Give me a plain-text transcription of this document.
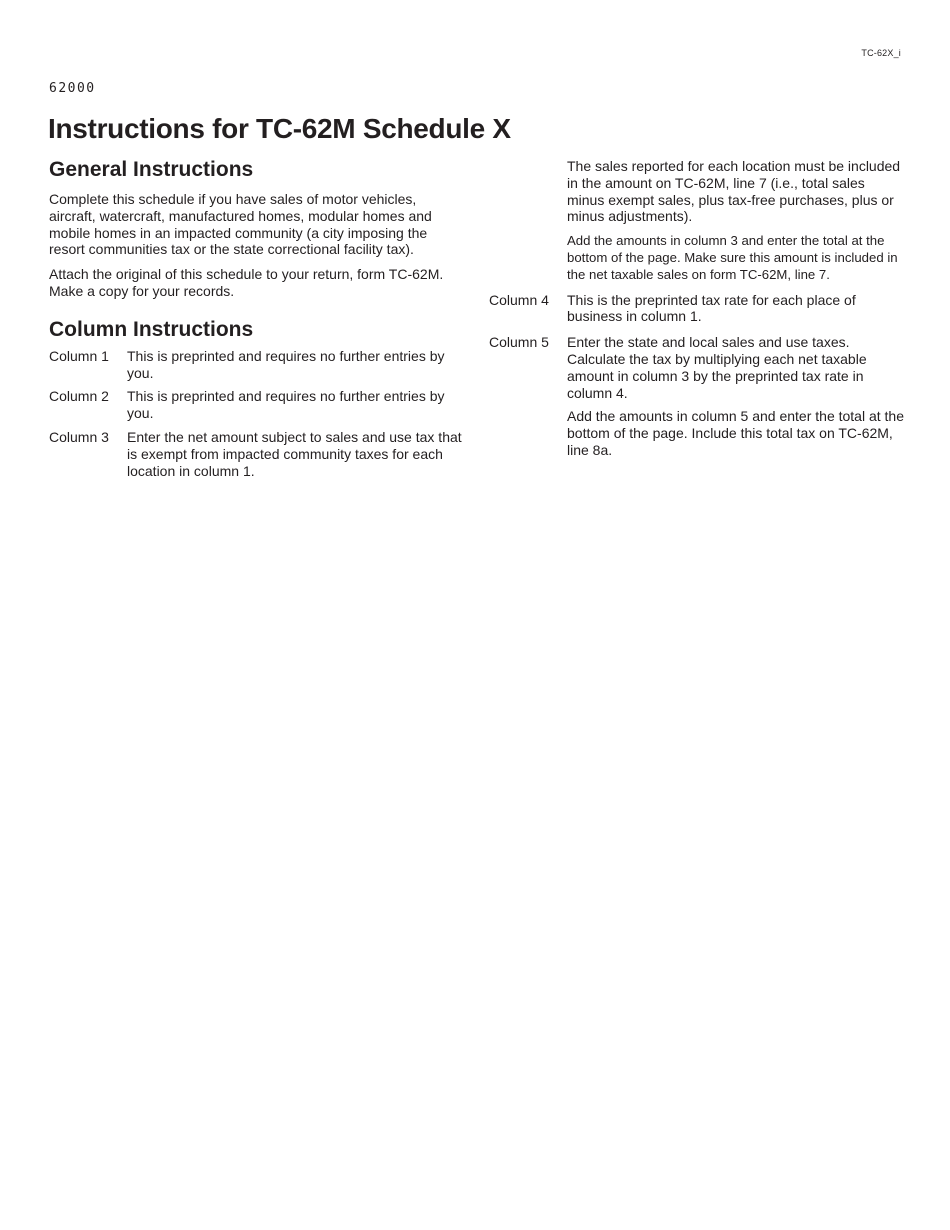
TC-62X_i
62000
Instructions for TC-62M Schedule X
General Instructions

Complete this schedule if you have sales of motor vehicles, aircraft, watercraft, manufactured homes, modular homes and mobile homes in an impacted community (a city imposing the resort communities tax or the state correctional facility tax).

Attach the original of this schedule to your return, form TC-62M. Make a copy for your records.

Column Instructions
Column 1	This is preprinted and requires no further entries by you.

Column 2	This is preprinted and requires no further entries by you.

Column 3	Enter the net amount subject to sales and use tax that is exempt from impacted community taxes for each location in column 1.

The sales reported for each location must be included in the amount on TC-62M, line 7 (i.e., total sales minus exempt sales, plus tax-free purchases, plus or minus adjustments).

Add the amounts in column 3 and enter the total at the bottom of the page. Make sure this amount is included in the net taxable sales on form TC-62M, line 7.

Column 4	This is the preprinted tax rate for each place of business in column 1.

Column 5	Enter the state and local sales and use taxes. Calculate the tax by multiplying each net taxable amount in column 3 by the preprinted tax rate in column 4.

Add the amounts in column 5 and enter the total at the bottom of the page. Include this total tax on TC-62M, line 8a.
